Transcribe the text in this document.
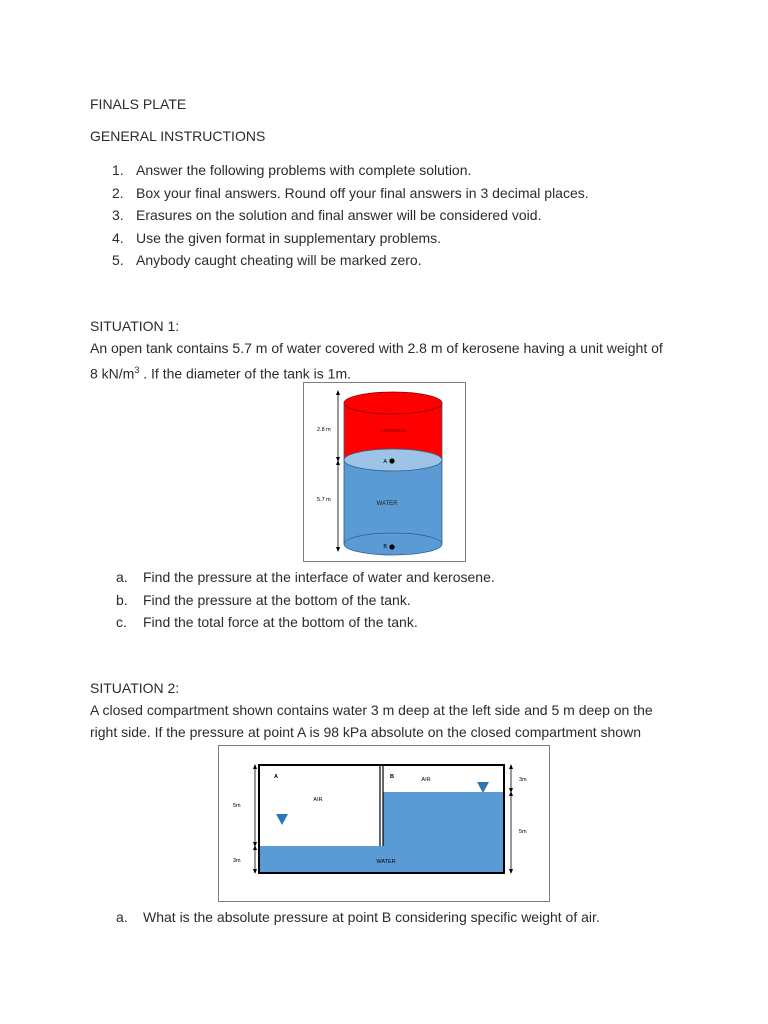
FINALS PLATE
GENERAL INSTRUCTIONS
1. Answer the following problems with complete solution.
2. Box your final answers. Round off your final answers in 3 decimal places.
3. Erasures on the solution and final answer will be considered void.
4. Use the given format in supplementary problems.
5. Anybody caught cheating will be marked zero.
SITUATION 1:
An open tank contains 5.7 m of water covered with 2.8 m of kerosene having a unit weight of
8 $kN/m^3$ . If the diameter of the tank is 1m.
2.8 m
5.7 m
KEROSENE
WATER
A
B
a. Find the pressure at the interface of water and kerosene.
b. Find the pressure at the bottom of the tank.
c. Find the total force at the bottom of the tank.
SITUATION 2:
A closed compartment shown contains water 3 m deep at the left side and 5 m deep on the
right side. If the pressure at point A is 98 kPa absolute on the closed compartment shown
5m
3m
3m
5m
A	B
AIR
AIR
WATER
a. What is the absolute pressure at point B considering specific weight of air.
